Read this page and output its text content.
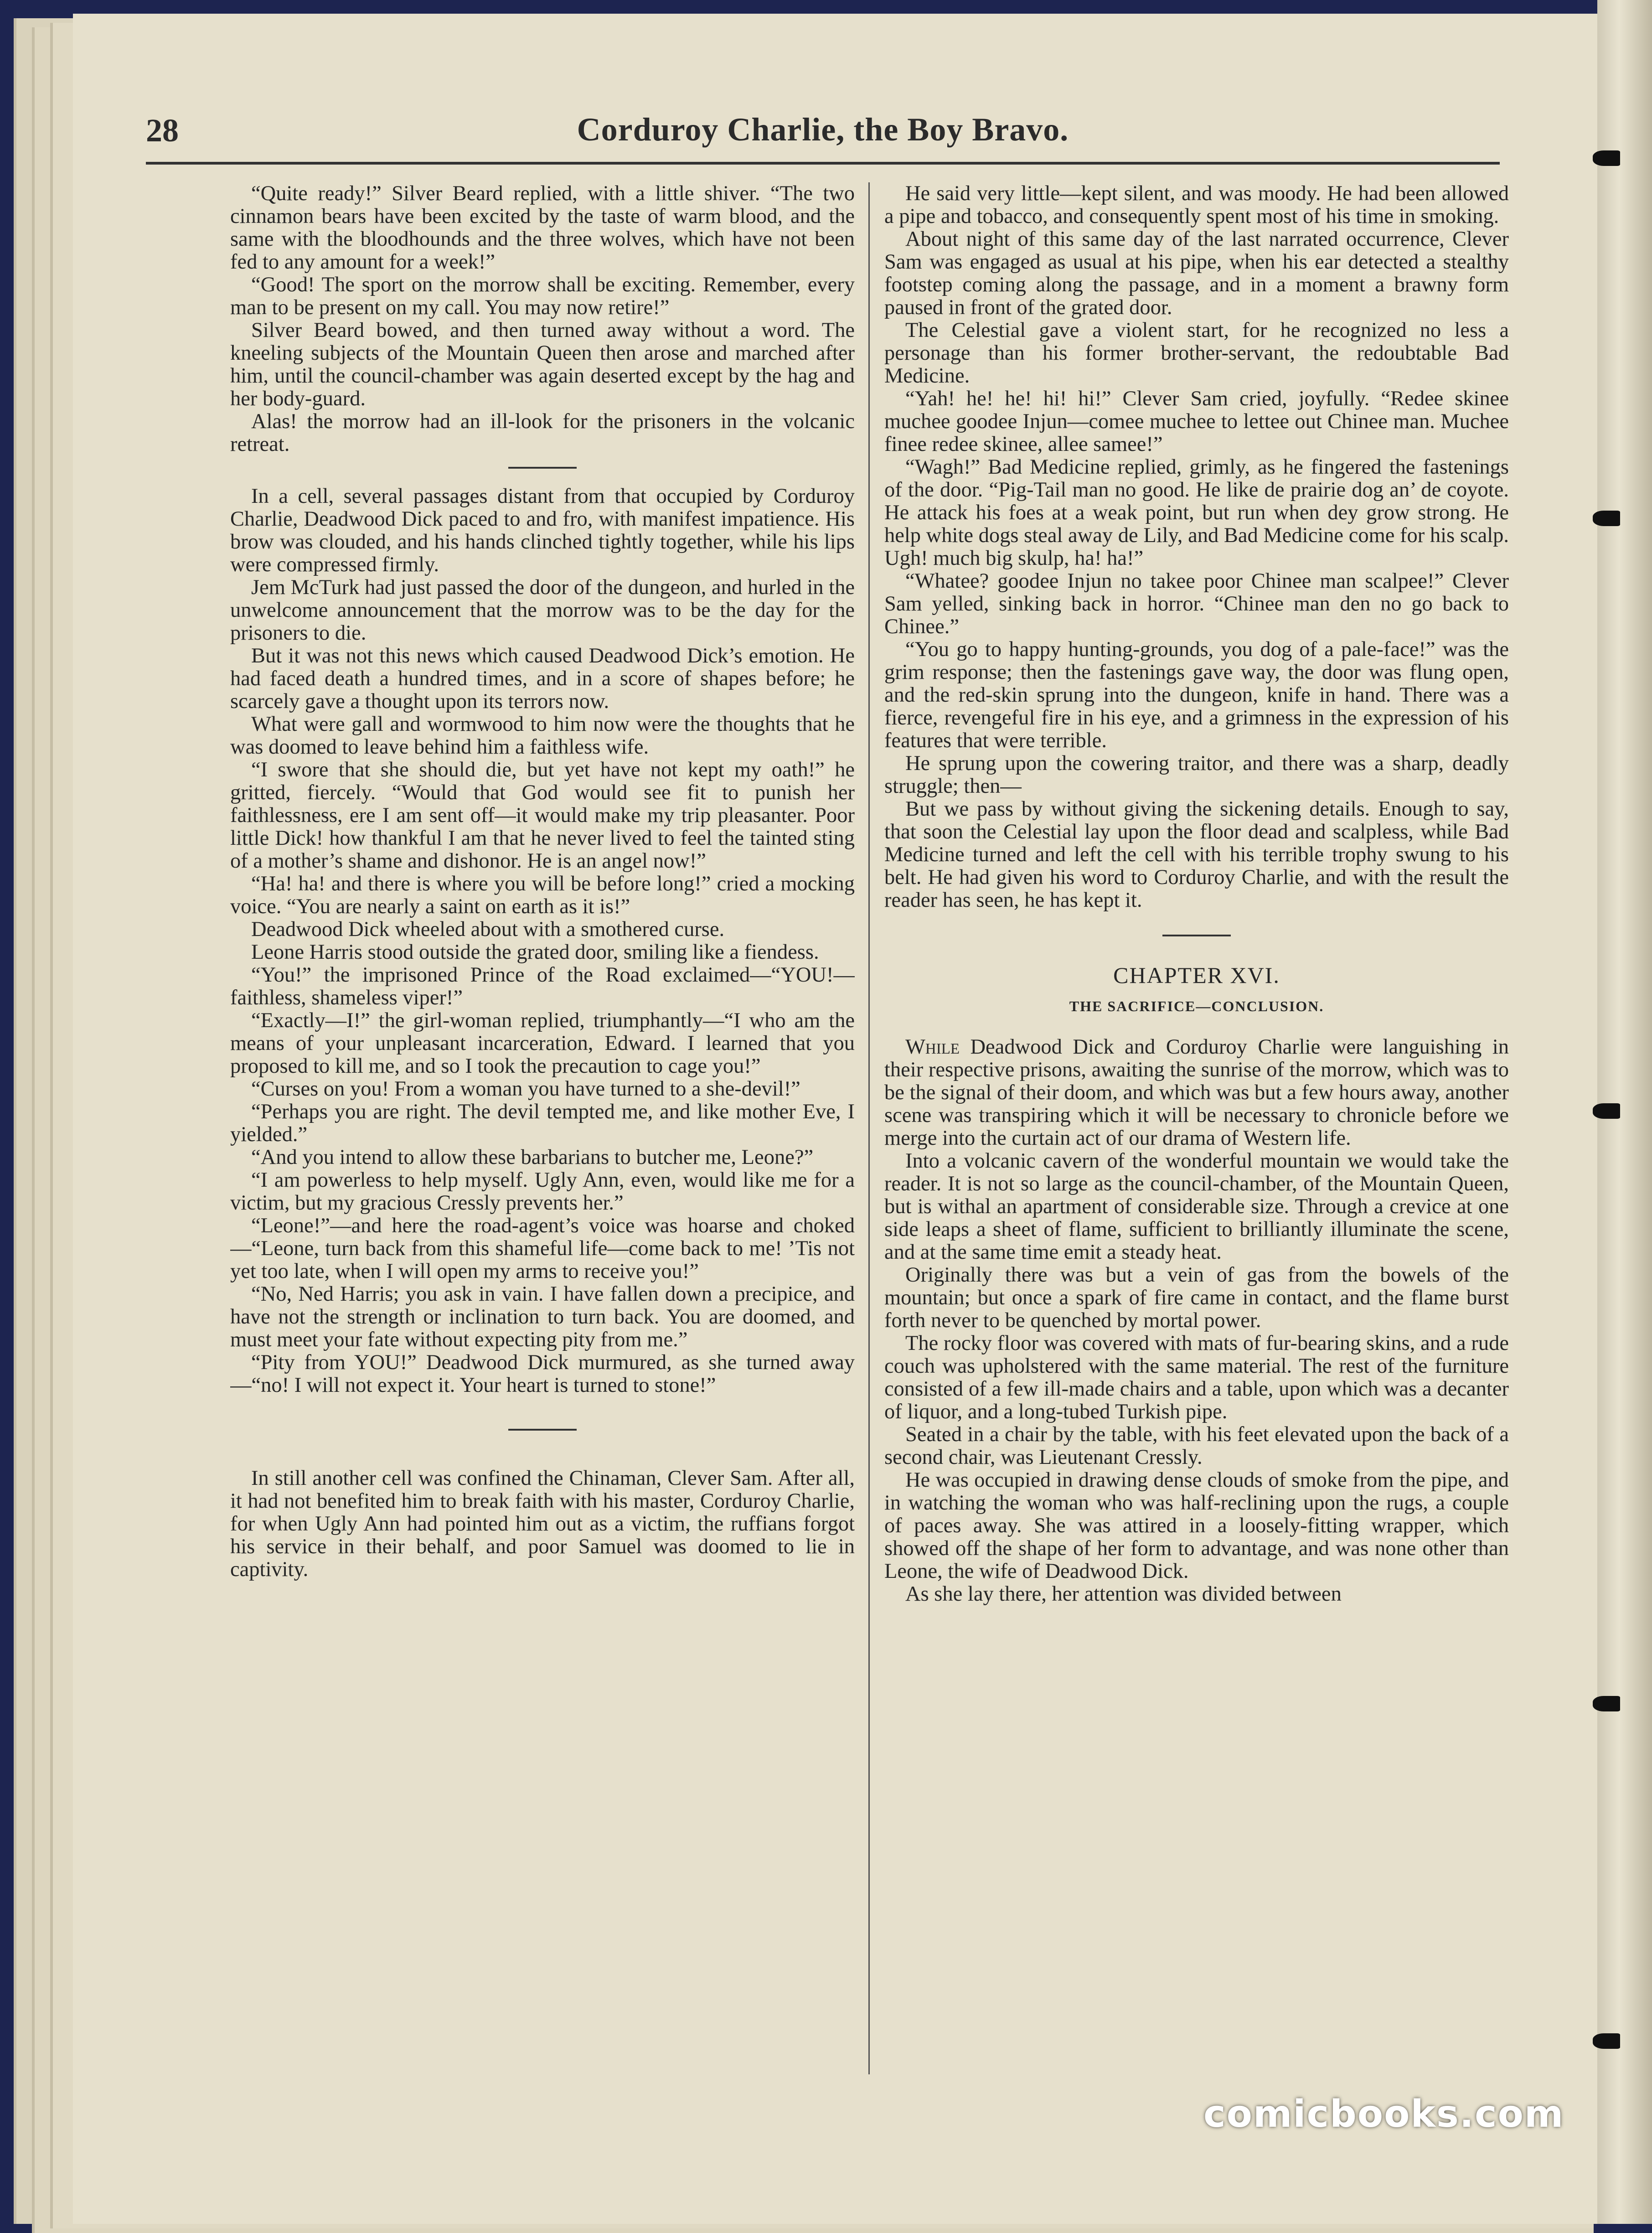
28	Corduroy Charlie, the Boy Bravo.

“Quite ready!” Silver Beard replied, with a little shiver. “The two cinnamon bears have been excited by the taste of warm blood, and the same with the bloodhounds and the three wolves, which have not been fed to any amount for a week!”

“Good! The sport on the morrow shall be exciting. Remember, every man to be present on my call. You may now retire!”

Silver Beard bowed, and then turned away without a word. The kneeling subjects of the Mountain Queen then arose and marched after him, until the council-chamber was again deserted except by the hag and her body-guard.

Alas! the morrow had an ill-look for the prisoners in the volcanic retreat.

In a cell, several passages distant from that occupied by Corduroy Charlie, Deadwood Dick paced to and fro, with manifest impatience. His brow was clouded, and his hands clinched tightly together, while his lips were compressed firmly.

Jem McTurk had just passed the door of the dungeon, and hurled in the unwelcome announcement that the morrow was to be the day for the prisoners to die.

But it was not this news which caused Deadwood Dick’s emotion. He had faced death a hundred times, and in a score of shapes before; he scarcely gave a thought upon its terrors now.

What were gall and wormwood to him now were the thoughts that he was doomed to leave behind him a faithless wife.

“I swore that she should die, but yet have not kept my oath!” he gritted, fiercely. “Would that God would see fit to punish her faithlessness, ere I am sent off—it would make my trip pleasanter. Poor little Dick! how thankful I am that he never lived to feel the tainted sting of a mother’s shame and dishonor. He is an angel now!”

“Ha! ha! and there is where you will be before long!” cried a mocking voice. “You are nearly a saint on earth as it is!”

Deadwood Dick wheeled about with a smothered curse.

Leone Harris stood outside the grated door, smiling like a fiendess.

“You!” the imprisoned Prince of the Road exclaimed—“YOU!—faithless, shameless viper!”

“Exactly—I!” the girl-woman replied, triumphantly—“I who am the means of your unpleasant incarceration, Edward. I learned that you proposed to kill me, and so I took the precaution to cage you!”

“Curses on you! From a woman you have turned to a she-devil!”

“Perhaps you are right. The devil tempted me, and like mother Eve, I yielded.”

“And you intend to allow these barbarians to butcher me, Leone?”

“I am powerless to help myself. Ugly Ann, even, would like me for a victim, but my gracious Cressly prevents her.”

“Leone!”—and here the road-agent’s voice was hoarse and choked—“Leone, turn back from this shameful life—come back to me! ’Tis not yet too late, when I will open my arms to receive you!”

“No, Ned Harris; you ask in vain. I have fallen down a precipice, and have not the strength or inclination to turn back. You are doomed, and must meet your fate without expecting pity from me.”

“Pity from YOU!” Deadwood Dick murmured, as she turned away—“no! I will not expect it. Your heart is turned to stone!”

In still another cell was confined the Chinaman, Clever Sam. After all, it had not benefited him to break faith with his master, Corduroy Charlie, for when Ugly Ann had pointed him out as a victim, the ruffians forgot his service in their behalf, and poor Samuel was doomed to lie in captivity.

He said very little—kept silent, and was moody. He had been allowed a pipe and tobacco, and consequently spent most of his time in smoking.

About night of this same day of the last narrated occurrence, Clever Sam was engaged as usual at his pipe, when his ear detected a stealthy footstep coming along the passage, and in a moment a brawny form paused in front of the grated door.

The Celestial gave a violent start, for he recognized no less a personage than his former brother-servant, the redoubtable Bad Medicine.

“Yah! he! he! hi! hi!” Clever Sam cried, joyfully. “Redee skinee muchee goodee Injun—comee muchee to lettee out Chinee man. Muchee finee redee skinee, allee samee!”

“Wagh!” Bad Medicine replied, grimly, as he fingered the fastenings of the door. “Pig-Tail man no good. He like de prairie dog an’ de coyote. He attack his foes at a weak point, but run when dey grow strong. He help white dogs steal away de Lily, and Bad Medicine come for his scalp. Ugh! much big skulp, ha! ha!”

“Whatee? goodee Injun no takee poor Chinee man scalpee!” Clever Sam yelled, sinking back in horror. “Chinee man den no go back to Chinee.”

“You go to happy hunting-grounds, you dog of a pale-face!” was the grim response; then the fastenings gave way, the door was flung open, and the red-skin sprung into the dungeon, knife in hand. There was a fierce, revengeful fire in his eye, and a grimness in the expression of his features that were terrible.

He sprung upon the cowering traitor, and there was a sharp, deadly struggle; then—

But we pass by without giving the sickening details. Enough to say, that soon the Celestial lay upon the floor dead and scalpless, while Bad Medicine turned and left the cell with his terrible trophy swung to his belt. He had given his word to Corduroy Charlie, and with the result the reader has seen, he has kept it.

CHAPTER XVI.
THE SACRIFICE—CONCLUSION.

While Deadwood Dick and Corduroy Charlie were languishing in their respective prisons, awaiting the sunrise of the morrow, which was to be the signal of their doom, and which was but a few hours away, another scene was transpiring which it will be necessary to chronicle before we merge into the curtain act of our drama of Western life.

Into a volcanic cavern of the wonderful mountain we would take the reader. It is not so large as the council-chamber, of the Mountain Queen, but is withal an apartment of considerable size. Through a crevice at one side leaps a sheet of flame, sufficient to brilliantly illuminate the scene, and at the same time emit a steady heat.

Originally there was but a vein of gas from the bowels of the mountain; but once a spark of fire came in contact, and the flame burst forth never to be quenched by mortal power.

The rocky floor was covered with mats of fur-bearing skins, and a rude couch was upholstered with the same material. The rest of the furniture consisted of a few ill-made chairs and a table, upon which was a decanter of liquor, and a long-tubed Turkish pipe.

Seated in a chair by the table, with his feet elevated upon the back of a second chair, was Lieutenant Cressly.

He was occupied in drawing dense clouds of smoke from the pipe, and in watching the woman who was half-reclining upon the rugs, a couple of paces away. She was attired in a loosely-fitting wrapper, which showed off the shape of her form to advantage, and was none other than Leone, the wife of Deadwood Dick.

As she lay there, her attention was divided between

comicbooks.com
